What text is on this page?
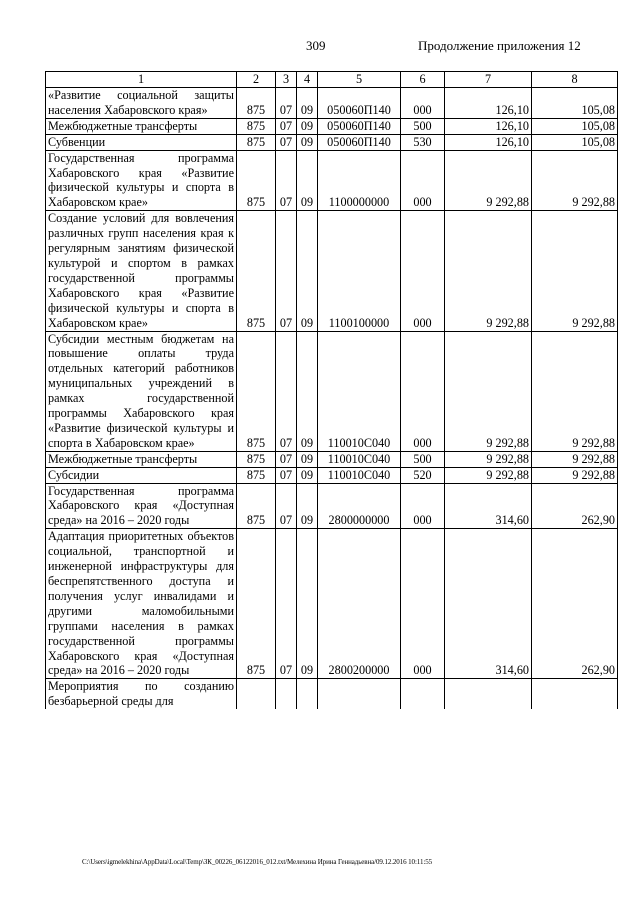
309	Продолжение приложения 12
1	2	3	4	5	6	7	8
«Развитие социальной защиты населения Хабаровского края»	875	07	09	050060П140	000	126,10	105,08
Межбюджетные трансферты	875	07	09	050060П140	500	126,10	105,08
Субвенции	875	07	09	050060П140	530	126,10	105,08
Государственная программа Хабаровского края «Развитие физической культуры и спорта в Хабаровском крае»	875	07	09	1100000000	000	9 292,88	9 292,88
Создание условий для вовлечения различных групп населения края к регулярным занятиям физической культурой и спортом в рамках государственной программы Хабаровского края «Развитие физической культуры и спорта в Хабаровском крае»	875	07	09	1100100000	000	9 292,88	9 292,88
Субсидии местным бюджетам на повышение оплаты труда отдельных категорий работников муниципальных учреждений в рамках государственной программы Хабаровского края «Развитие физической культуры и спорта в Хабаровском крае»	875	07	09	110010С040	000	9 292,88	9 292,88
Межбюджетные трансферты	875	07	09	110010С040	500	9 292,88	9 292,88
Субсидии	875	07	09	110010С040	520	9 292,88	9 292,88
Государственная программа Хабаровского края «Доступная среда» на 2016 – 2020 годы	875	07	09	2800000000	000	314,60	262,90
Адаптация приоритетных объектов социальной, транспортной и инженерной инфраструктуры для беспрепятственного доступа и получения услуг инвалидами и другими маломобильными группами населения в рамках государственной программы Хабаровского края «Доступная среда» на 2016 – 2020 годы	875	07	09	2800200000	000	314,60	262,90
Мероприятия по созданию безбарьерной среды для							
C:\Users\igmelekhina\AppData\Local\Temp\ЗК_00226_06122016_012.txt/Мелехина Ирина Геннадьевна/09.12.2016 10:11:55
